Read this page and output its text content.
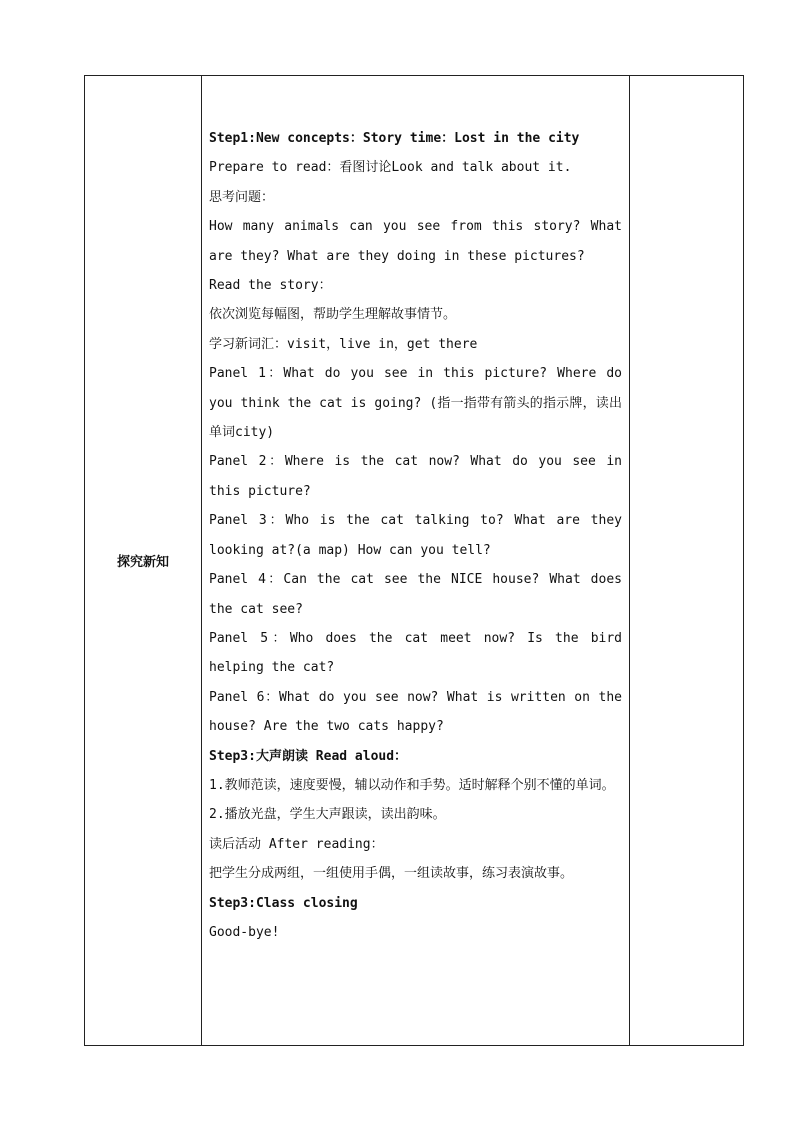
探究新知	

Step1:New concepts：Story time：Lost in the city

Prepare to read：看图讨论Look and talk about it.

思考问题：

How many animals can you see from this story? What are they? What are they doing in these pictures?

Read the story：

依次浏览每幅图，帮助学生理解故事情节。

学习新词汇：visit，live in，get there

Panel 1：What do you see in this picture? Where do you think the cat is going? (指一指带有箭头的指示牌，读出单词city)

Panel 2：Where is the cat now? What do you see in this picture?

Panel 3：Who is the cat talking to? What are they looking at?(a map) How can you tell?

Panel 4：Can the cat see the NICE house? What does the cat see?

Panel 5：Who does the cat meet now? Is the bird helping the cat?

Panel 6：What do you see now? What is written on the house? Are the two cats happy?

Step3:大声朗读 Read aloud：

1.教师范读，速度要慢，辅以动作和手势。适时解释个别不懂的单词。

2.播放光盘，学生大声跟读，读出韵味。

读后活动 After reading：

把学生分成两组，一组使用手偶，一组读故事，练习表演故事。

Step3:Class closing

Good-bye!
